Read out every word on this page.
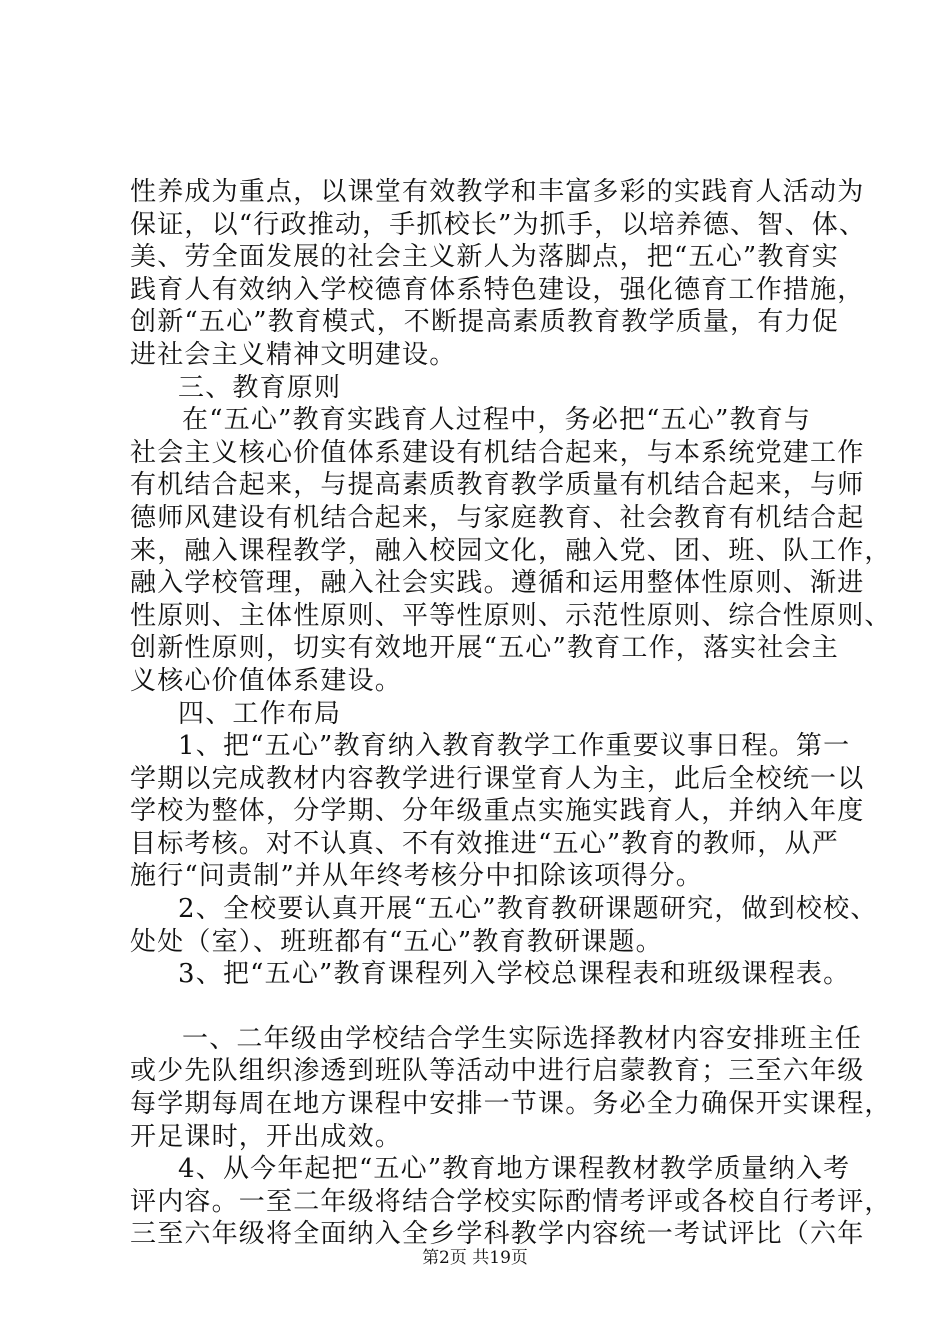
性养成为重点，以课堂有效教学和丰富多彩的实践育人活动为
保证，以“行政推动，手抓校长”为抓手，以培养德、智、体、
美、劳全面发展的社会主义新人为落脚点，把“五心”教育实
践育人有效纳入学校德育体系特色建设，强化德育工作措施，
创新“五心”教育模式，不断提高素质教育教学质量，有力促
进社会主义精神文明建设。
三、教育原则
在“五心”教育实践育人过程中，务必把“五心”教育与
社会主义核心价值体系建设有机结合起来，与本系统党建工作
有机结合起来，与提高素质教育教学质量有机结合起来，与师
德师风建设有机结合起来，与家庭教育、社会教育有机结合起
来，融入课程教学，融入校园文化，融入党、团、班、队工作，
融入学校管理，融入社会实践。遵循和运用整体性原则、渐进
性原则、主体性原则、平等性原则、示范性原则、综合性原则、
创新性原则，切实有效地开展“五心”教育工作，落实社会主
义核心价值体系建设。
四、工作布局
1、把“五心”教育纳入教育教学工作重要议事日程。第一
学期以完成教材内容教学进行课堂育人为主，此后全校统一以
学校为整体，分学期、分年级重点实施实践育人，并纳入年度
目标考核。对不认真、不有效推进“五心”教育的教师，从严
施行“问责制”并从年终考核分中扣除该项得分。
2、全校要认真开展“五心”教育教研课题研究，做到校校、
处处（室）、班班都有“五心”教育教研课题。
3、把“五心”教育课程列入学校总课程表和班级课程表。
一、二年级由学校结合学生实际选择教材内容安排班主任
或少先队组织渗透到班队等活动中进行启蒙教育；三至六年级
每学期每周在地方课程中安排一节课。务必全力确保开实课程，
开足课时，开出成效。
4、从今年起把“五心”教育地方课程教材教学质量纳入考
评内容。一至二年级将结合学校实际酌情考评或各校自行考评，
三至六年级将全面纳入全乡学科教学内容统一考试评比（六年
第2页 共19页
